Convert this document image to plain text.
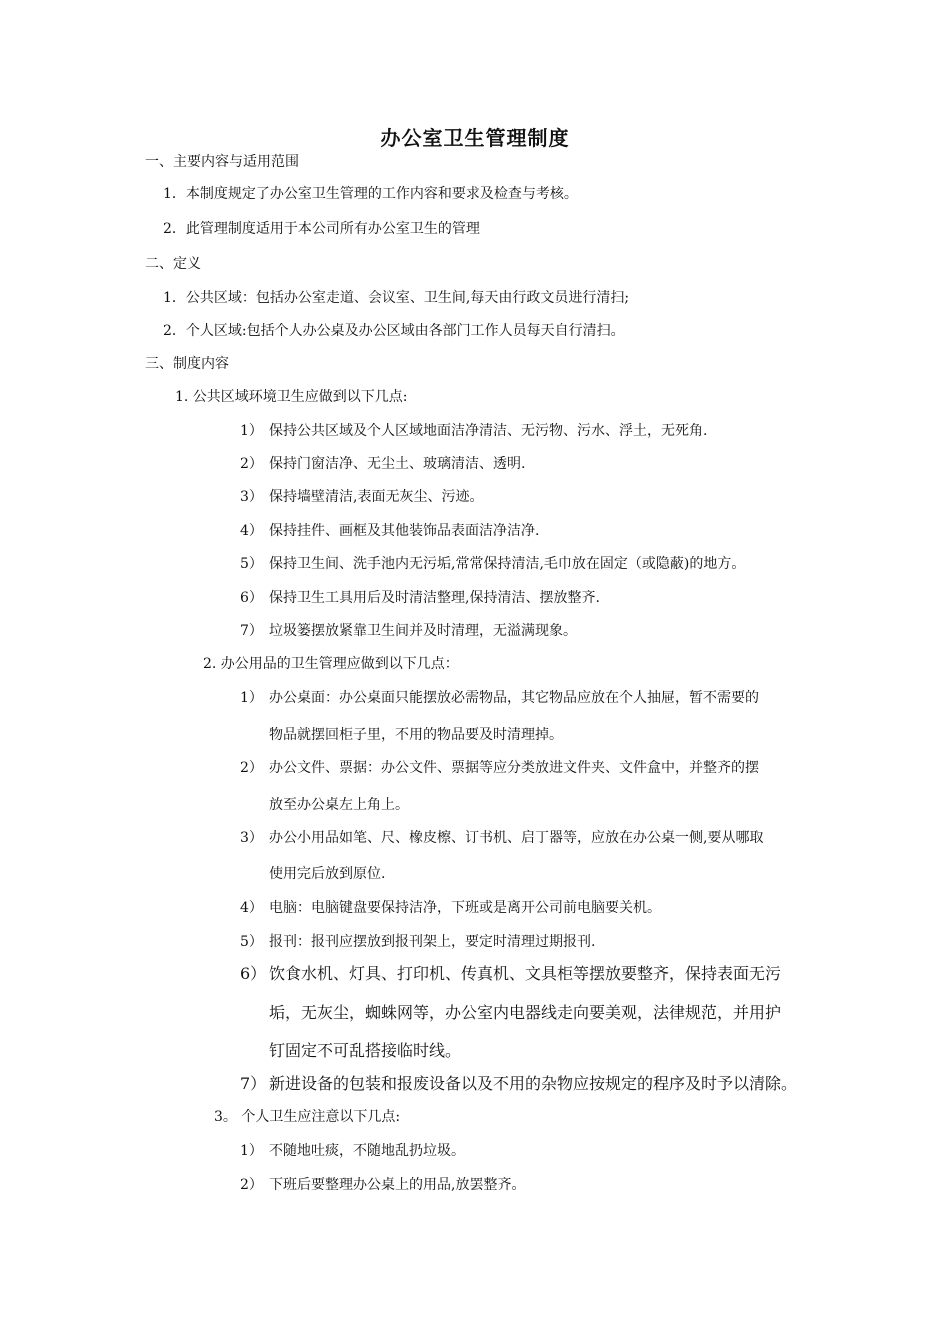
办公室卫生管理制度
一、主要内容与适用范围
1．本制度规定了办公室卫生管理的工作内容和要求及检查与考核。
2．此管理制度适用于本公司所有办公室卫生的管理
二、定义
1．公共区域：包括办公室走道、会议室、卫生间,每天由行政文员进行清扫;
2．个人区域:包括个人办公桌及办公区域由各部门工作人员每天自行清扫。
三、制度内容
1. 公共区域环境卫生应做到以下几点:
1） 保持公共区域及个人区域地面洁净清洁、无污物、污水、浮土，无死角.
2） 保持门窗洁净、无尘土、玻璃清洁、透明.
3） 保持墙壁清洁,表面无灰尘、污迹。
4） 保持挂件、画框及其他装饰品表面洁净洁净.
5） 保持卫生间、洗手池内无污垢,常常保持清洁,毛巾放在固定（或隐蔽)的地方。
6） 保持卫生工具用后及时清洁整理,保持清洁、摆放整齐.
7） 垃圾篓摆放紧靠卫生间并及时清理，无溢满现象。
2. 办公用品的卫生管理应做到以下几点：
1） 办公桌面：办公桌面只能摆放必需物品，其它物品应放在个人抽屉，暂不需要的
物品就摆回柜子里，不用的物品要及时清理掉。
2） 办公文件、票据：办公文件、票据等应分类放进文件夹、文件盒中，并整齐的摆
放至办公桌左上角上。
3） 办公小用品如笔、尺、橡皮檫、订书机、启丁器等，应放在办公桌一侧,要从哪取
使用完后放到原位.
4） 电脑：电脑键盘要保持洁净，下班或是离开公司前电脑要关机。
5） 报刊：报刊应摆放到报刊架上，要定时清理过期报刊.
6） 饮食水机、灯具、打印机、传真机、文具柜等摆放要整齐，保持表面无污
垢，无灰尘，蜘蛛网等，办公室内电器线走向要美观，法律规范，并用护
钉固定不可乱搭接临时线。
7） 新进设备的包装和报废设备以及不用的杂物应按规定的程序及时予以清除。
3。 个人卫生应注意以下几点:
1） 不随地吐痰，不随地乱扔垃圾。
2） 下班后要整理办公桌上的用品,放罢整齐。
